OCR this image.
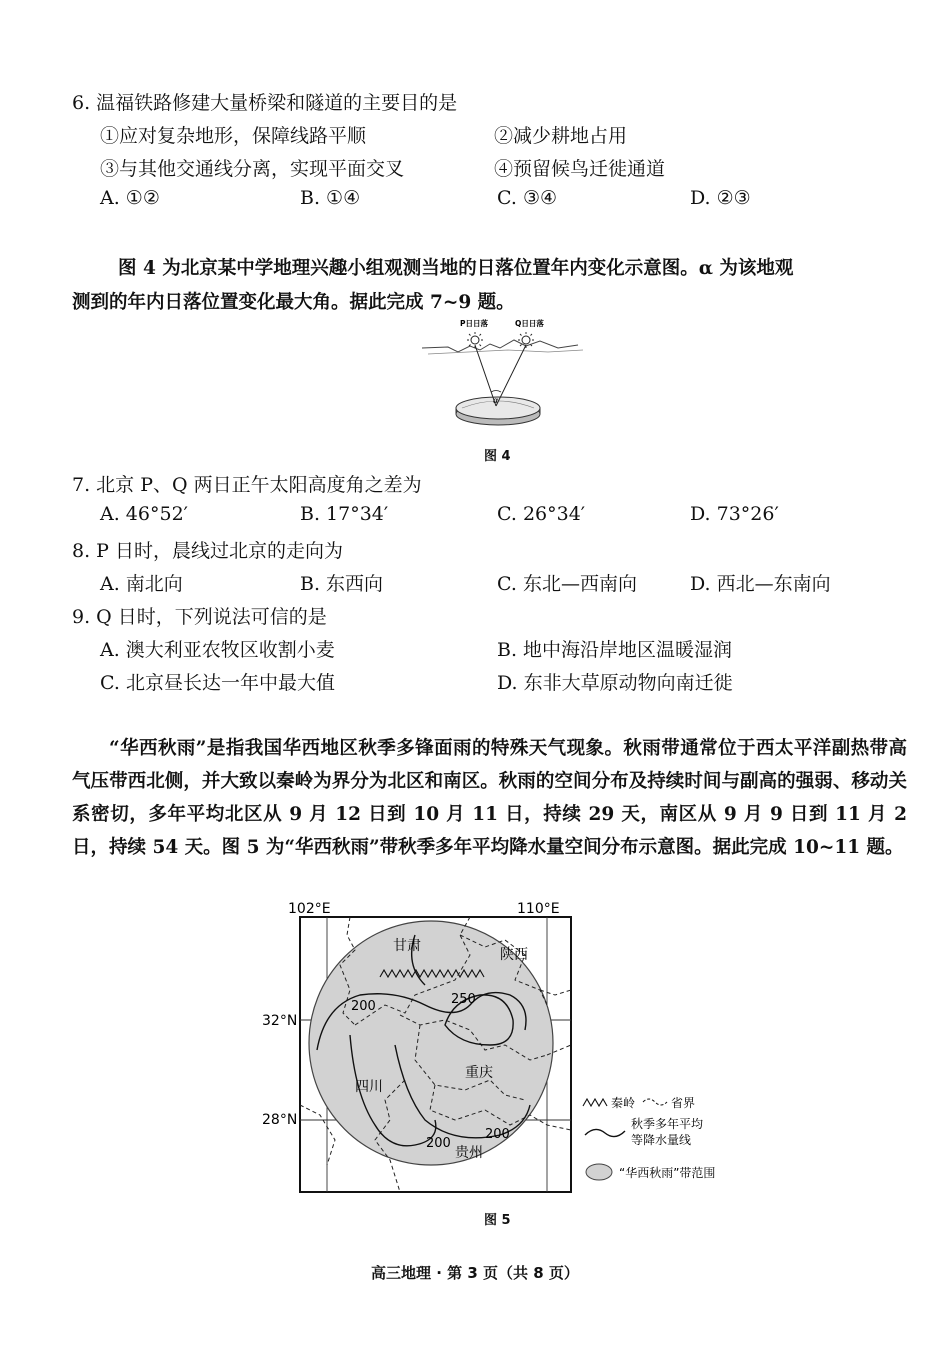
6. 温福铁路修建大量桥梁和隧道的主要目的是
①应对复杂地形，保障线路平顺	②减少耕地占用
③与其他交通线分离，实现平面交叉	④预留候鸟迁徙通道
A. ①②	B. ①④	C. ③④	D. ②③
图 4 为北京某中学地理兴趣小组观测当地的日落位置年内变化示意图。α 为该地观
测到的年内日落位置变化最大角。据此完成 7~9 题。
P日日落	Q日日落
α
图 4
7. 北京 P、Q 两日正午太阳高度角之差为
A. 46°52′	B. 17°34′	C. 26°34′	D. 73°26′
8. P 日时，晨线过北京的走向为
A. 南北向	B. 东西向	C. 东北—西南向	D. 西北—东南向
9. Q 日时，下列说法可信的是
A. 澳大利亚农牧区收割小麦	B. 地中海沿岸地区温暖湿润
C. 北京昼长达一年中最大值	D. 东非大草原动物向南迁徙
“华西秋雨”是指我国华西地区秋季多锋面雨的特殊天气现象。秋雨带通常位于西太平洋副热带高气压带西北侧，并大致以秦岭为界分为北区和南区。秋雨的空间分布及持续时间与副高的强弱、移动关系密切，多年平均北区从 9 月 12 日到 10 月 11 日，持续 29 天，南区从 9 月 9 日到 11 月 2 日，持续 54 天。图 5 为“华西秋雨”带秋季多年平均降水量空间分布示意图。据此完成 10~11 题。
102°E	110°E
32°N
28°N
200	250
200
200
甘肃
陕西
四川
重庆
贵州
秦岭	省界
秋季多年平均
等降水量线
“华西秋雨”带范围
图 5
高三地理 · 第 3 页（共 8 页）
